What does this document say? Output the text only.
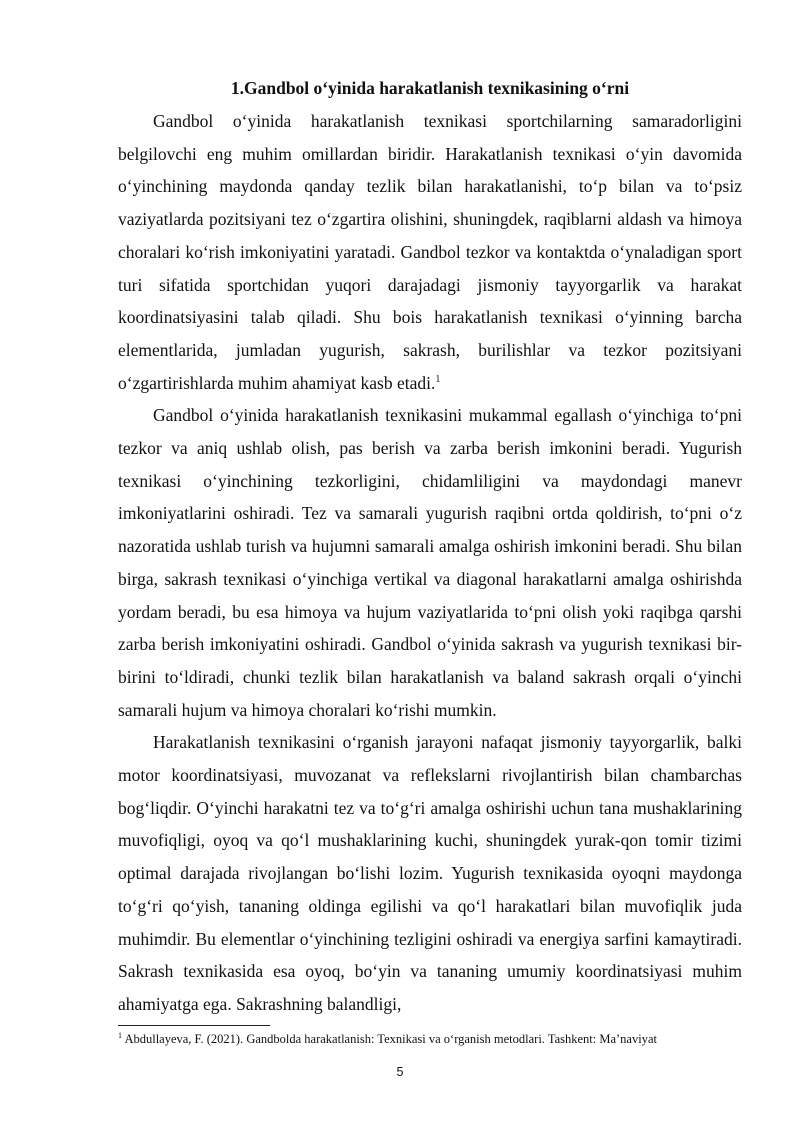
1.Gandbol o‘yinida harakatlanish texnikasining o‘rni

Gandbol o‘yinida harakatlanish texnikasi sportchilarning samaradorligini belgilovchi eng muhim omillardan biridir. Harakatlanish texnikasi o‘yin davomida o‘yinchining maydonda qanday tezlik bilan harakatlanishi, to‘p bilan va to‘psiz vaziyatlarda pozitsiyani tez o‘zgartira olishini, shuningdek, raqiblarni aldash va himoya choralari ko‘rish imkoniyatini yaratadi. Gandbol tezkor va kontaktda o‘ynaladigan sport turi sifatida sportchidan yuqori darajadagi jismoniy tayyorgarlik va harakat koordinatsiyasini talab qiladi. Shu bois harakatlanish texnikasi o‘yinning barcha elementlarida, jumladan yugurish, sakrash, burilishlar va tezkor pozitsiyani o‘zgartirishlarda muhim ahamiyat kasb etadi.$^1$

Gandbol o‘yinida harakatlanish texnikasini mukammal egallash o‘yinchiga to‘pni tezkor va aniq ushlab olish, pas berish va zarba berish imkonini beradi. Yugurish texnikasi o‘yinchining tezkorligini, chidamliligini va maydondagi manevr imkoniyatlarini oshiradi. Tez va samarali yugurish raqibni ortda qoldirish, to‘pni o‘z nazoratida ushlab turish va hujumni samarali amalga oshirish imkonini beradi. Shu bilan birga, sakrash texnikasi o‘yinchiga vertikal va diagonal harakatlarni amalga oshirishda yordam beradi, bu esa himoya va hujum vaziyatlarida to‘pni olish yoki raqibga qarshi zarba berish imkoniyatini oshiradi. Gandbol o‘yinida sakrash va yugurish texnikasi bir-birini to‘ldiradi, chunki tezlik bilan harakatlanish va baland sakrash orqali o‘yinchi samarali hujum va himoya choralari ko‘rishi mumkin.

Harakatlanish texnikasini o‘rganish jarayoni nafaqat jismoniy tayyorgarlik, balki motor koordinatsiyasi, muvozanat va reflekslarni rivojlantirish bilan chambarchas bog‘liqdir. O‘yinchi harakatni tez va to‘g‘ri amalga oshirishi uchun tana mushaklarining muvofiqligi, oyoq va qo‘l mushaklarining kuchi, shuningdek yurak-qon tomir tizimi optimal darajada rivojlangan bo‘lishi lozim. Yugurish texnikasida oyoqni maydonga to‘g‘ri qo‘yish, tananing oldinga egilishi va qo‘l harakatlari bilan muvofiqlik juda muhimdir. Bu elementlar o‘yinchining tezligini oshiradi va energiya sarfini kamaytiradi. Sakrash texnikasida esa oyoq, bo‘yin va tananing umumiy koordinatsiyasi muhim ahamiyatga ega. Sakrashning balandligi,

$^1$ Abdullayeva, F. (2021). Gandbolda harakatlanish: Texnikasi va o‘rganish metodlari. Tashkent: Ma’naviyat
5
